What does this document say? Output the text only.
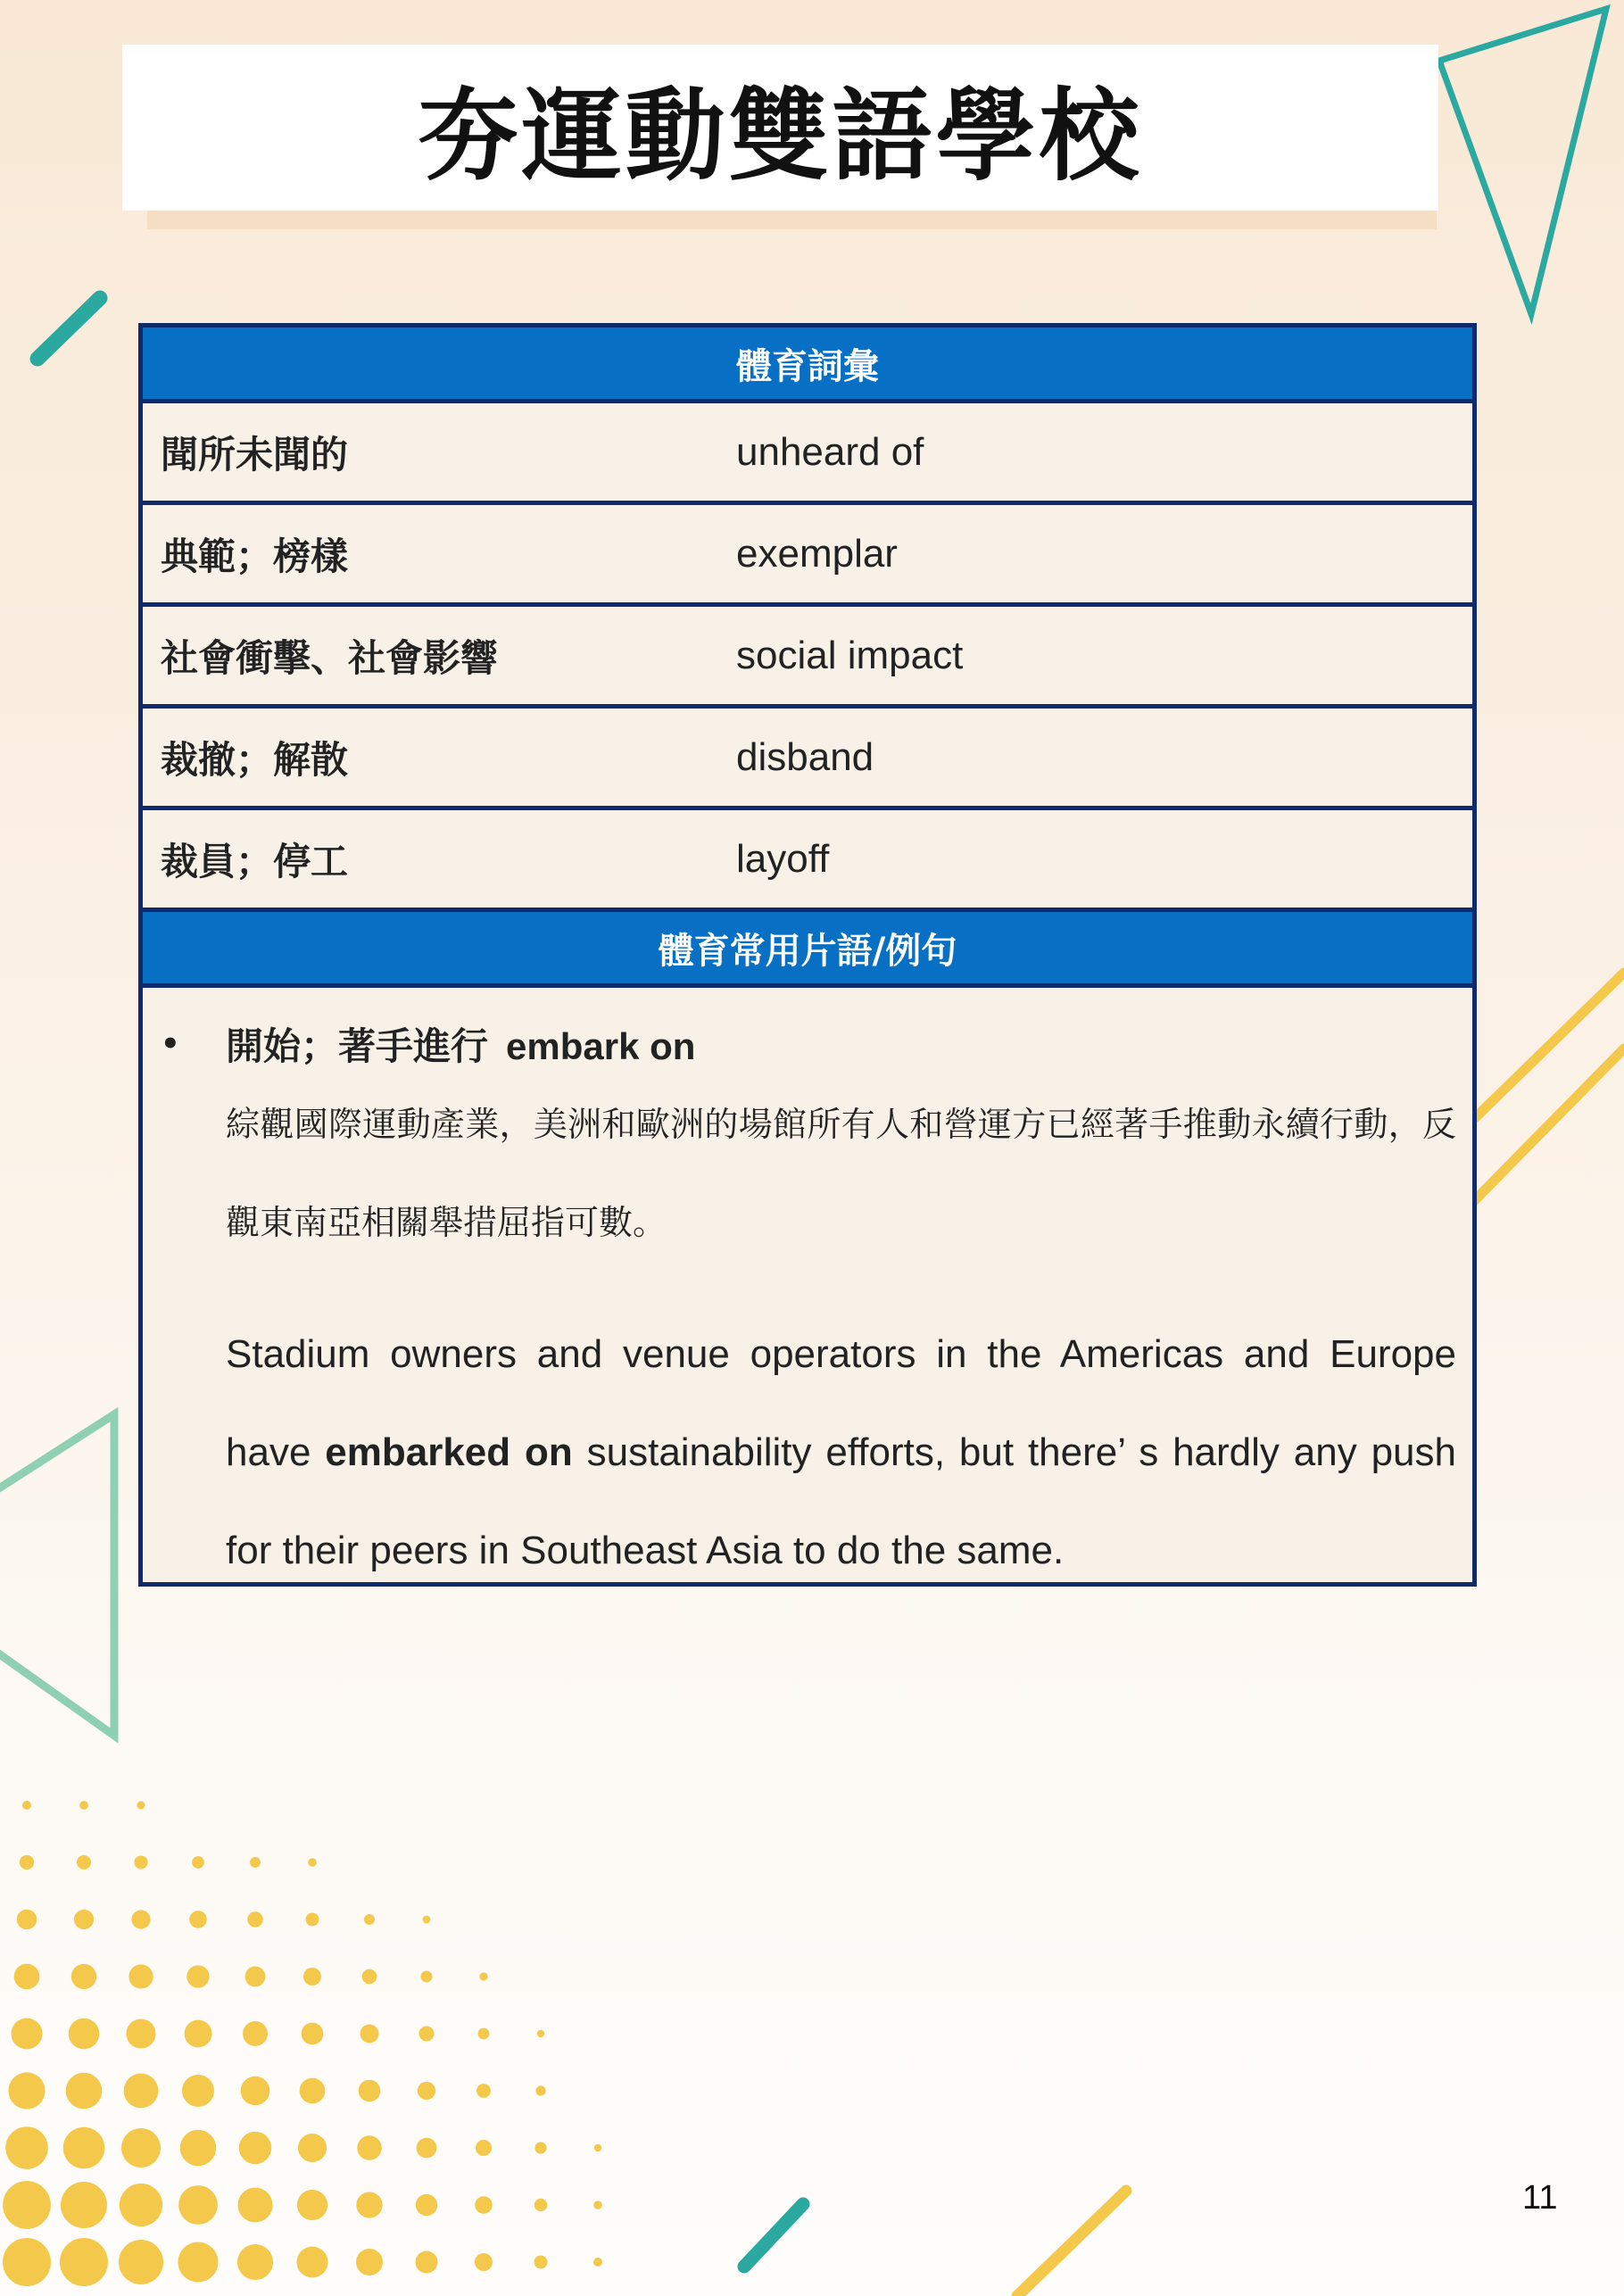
夯運動雙語學校
體育詞彙
聞所未聞的	unheard of
典範；榜樣	exemplar
社會衝擊、社會影響	social impact
裁撤；解散	disband
裁員；停工	layoff
體育常用片語/例句
• 開始；著手進行 embark on

綜觀國際運動產業，美洲和歐洲的場館所有人和營運方已經著手推動永續行動，反觀東南亞相關舉措屈指可數。

Stadium owners and venue operators in the Americas and Europe have embarked on sustainability efforts, but there’ s hardly any push for their peers in Southeast Asia to do the same.

11
